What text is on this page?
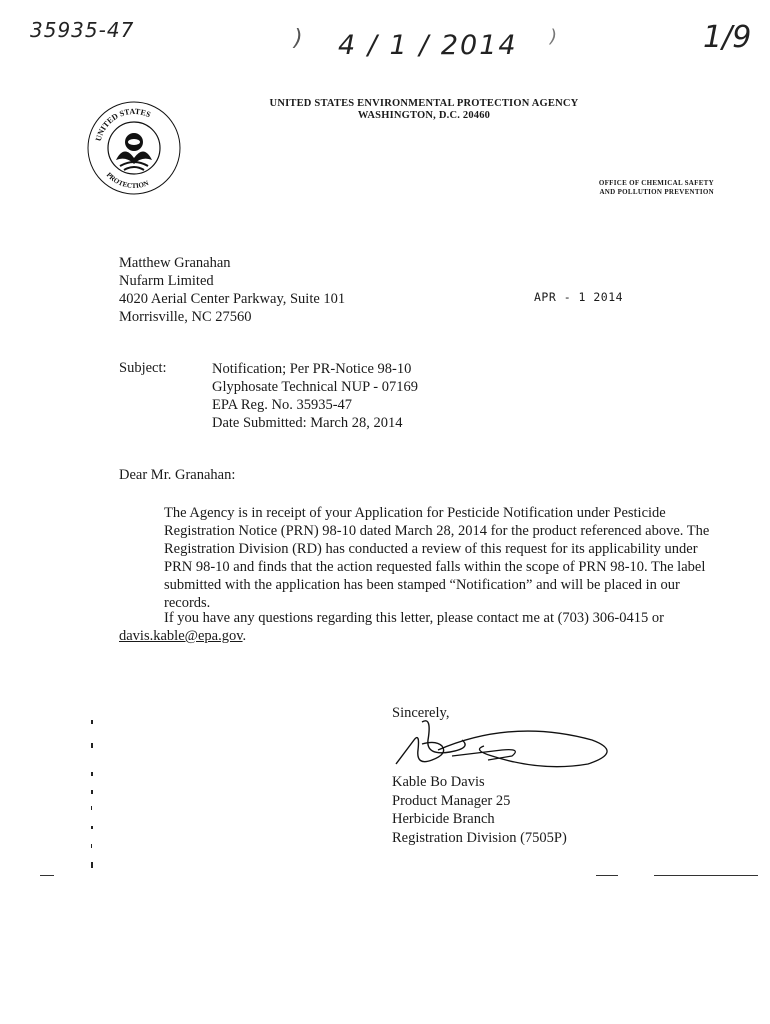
35935-47	) 4 / 1 / 2014 )	1/9
UNITED STATES
PROTECTION
UNITED STATES ENVIRONMENTAL PROTECTION AGENCY
WASHINGTON, D.C. 20460
OFFICE OF CHEMICAL SAFETY
AND POLLUTION PREVENTION
Matthew Granahan
Nufarm Limited
4020 Aerial Center Parkway, Suite 101
Morrisville, NC 27560
APR - 1 2014
Subject:	Notification; Per PR-Notice 98-10
Glyphosate Technical NUP - 07169
EPA Reg. No. 35935-47
Date Submitted: March 28, 2014
Dear Mr. Granahan:
The Agency is in receipt of your Application for Pesticide Notification under Pesticide Registration Notice (PRN) 98-10 dated March 28, 2014 for the product referenced above. The Registration Division (RD) has conducted a review of this request for its applicability under PRN 98-10 and finds that the action requested falls within the scope of PRN 98-10. The label submitted with the application has been stamped “Notification” and will be placed in our records.
If you have any questions regarding this letter, please contact me at (703) 306-0415 or
davis.kable@epa.gov.
Sincerely,
Kable Bo Davis
Product Manager 25
Herbicide Branch
Registration Division (7505P)
